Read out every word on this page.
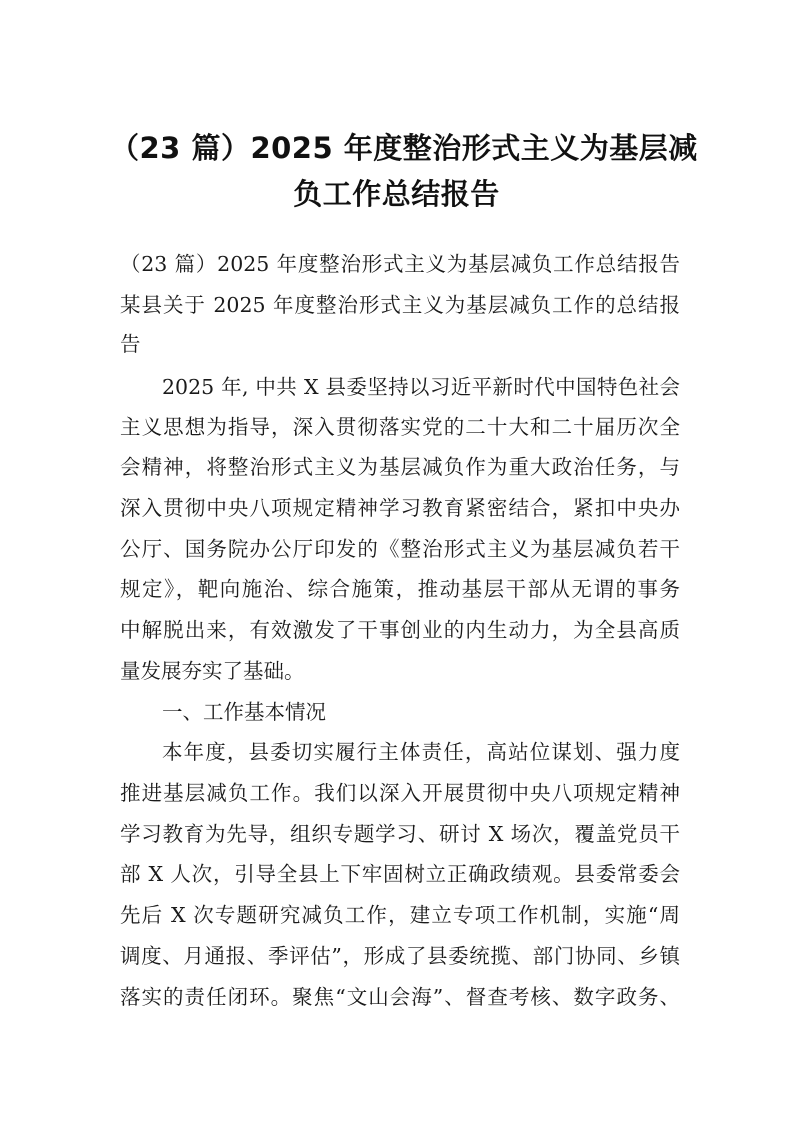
（23 篇）2025 年度整治形式主义为基层减
负工作总结报告
（23 篇）2025 年度整治形式主义为基层减负工作总结报告
某县关于 2025 年度整治形式主义为基层减负工作的总结报
告
2025 年, 中共 X 县委坚持以习近平新时代中国特色社会
主义思想为指导，深入贯彻落实党的二十大和二十届历次全
会精神，将整治形式主义为基层减负作为重大政治任务，与
深入贯彻中央八项规定精神学习教育紧密结合，紧扣中央办
公厅、国务院办公厅印发的《整治形式主义为基层减负若干
规定》，靶向施治、综合施策，推动基层干部从无谓的事务
中解脱出来，有效激发了干事创业的内生动力，为全县高质
量发展夯实了基础。
一、工作基本情况
本年度，县委切实履行主体责任，高站位谋划、强力度
推进基层减负工作。我们以深入开展贯彻中央八项规定精神
学习教育为先导，组织专题学习、研讨 X 场次，覆盖党员干
部 X 人次，引导全县上下牢固树立正确政绩观。县委常委会
先后 X 次专题研究减负工作，建立专项工作机制，实施“周
调度、月通报、季评估”，形成了县委统揽、部门协同、乡镇
落实的责任闭环。聚焦“文山会海”、督查考核、数字政务、
